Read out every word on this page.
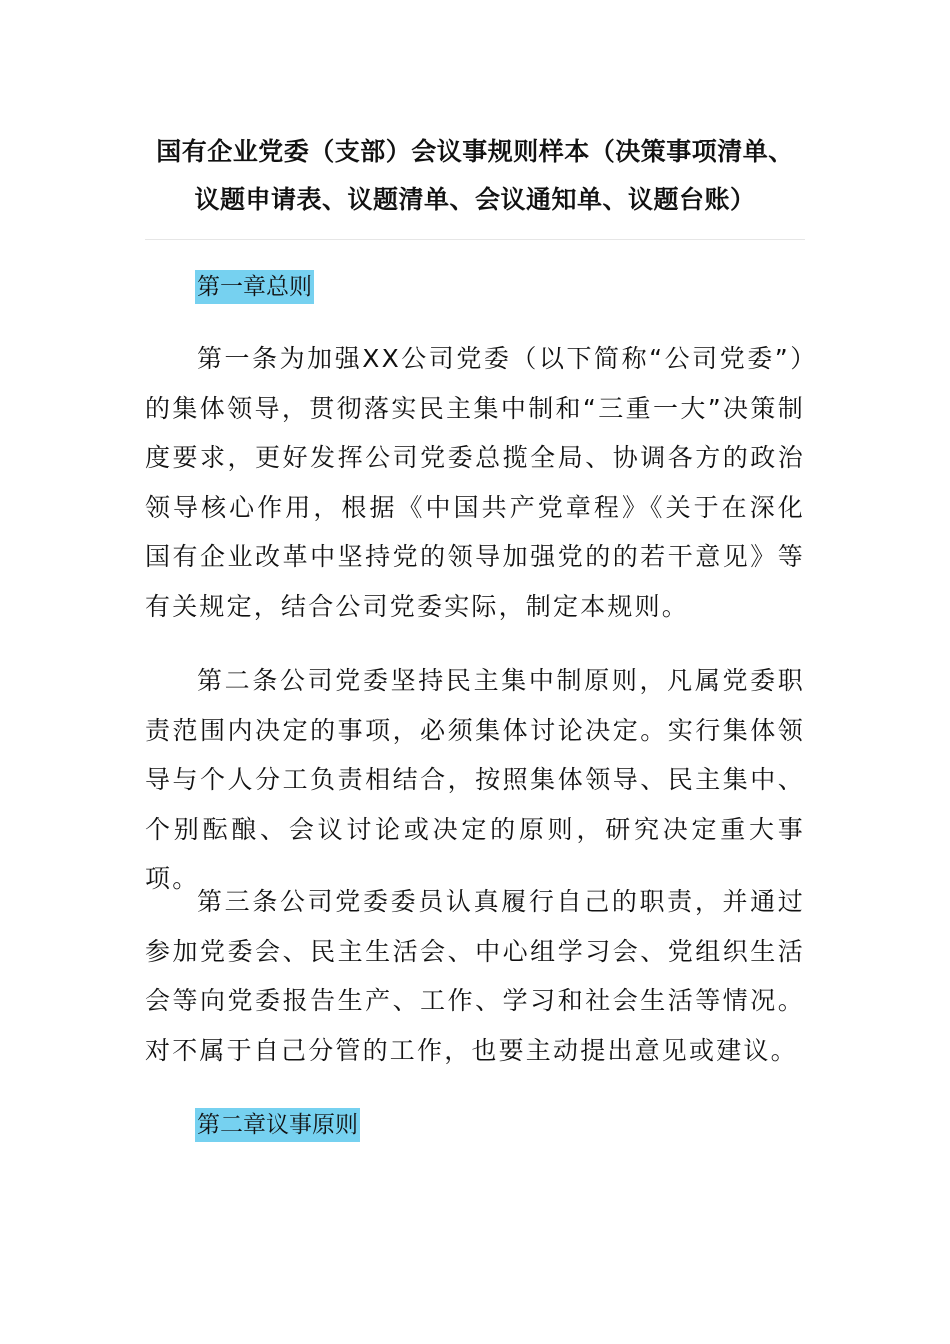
国有企业党委（支部）会议事规则样本（决策事项清单、
议题申请表、议题清单、会议通知单、议题台账）
第一章总则

第一条为加强XX公司党委（以下简称“公司党委”）的集体领导，贯彻落实民主集中制和“三重一大”决策制度要求，更好发挥公司党委总揽全局、协调各方的政治领导核心作用，根据《中国共产党章程》《关于在深化国有企业改革中坚持党的领导加强党的的若干意见》等有关规定，结合公司党委实际，制定本规则。

第二条公司党委坚持民主集中制原则，凡属党委职责范围内决定的事项，必须集体讨论决定。实行集体领导与个人分工负责相结合，按照集体领导、民主集中、个别酝酿、会议讨论或决定的原则，研究决定重大事项。

第三条公司党委委员认真履行自己的职责，并通过参加党委会、民主生活会、中心组学习会、党组织生活会等向党委报告生产、工作、学习和社会生活等情况。对不属于自己分管的工作，也要主动提出意见或建议。

第二章议事原则
